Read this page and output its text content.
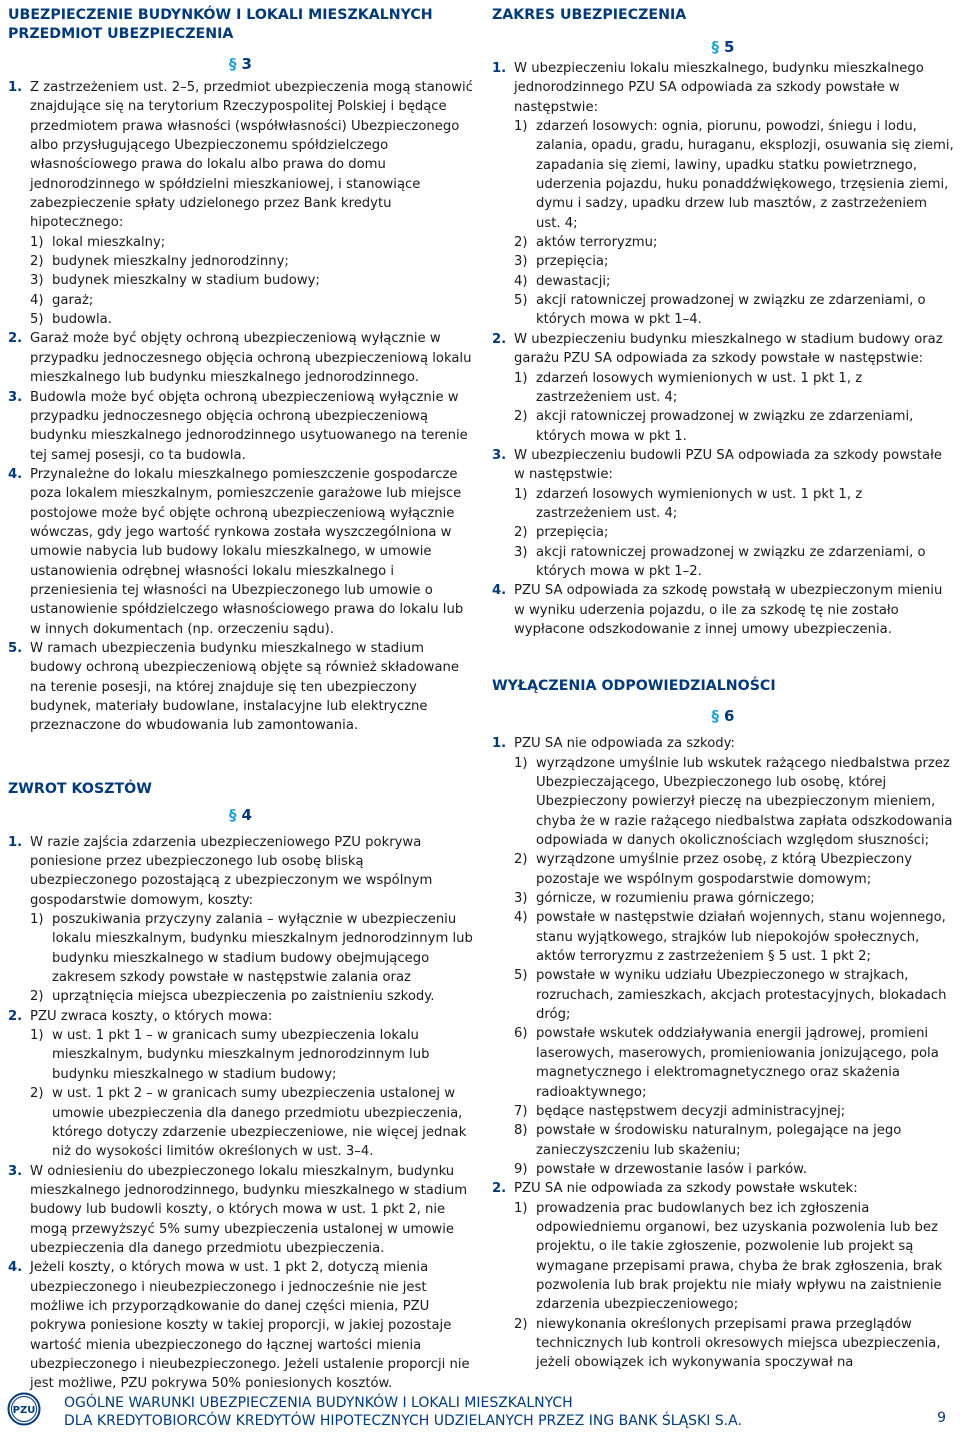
UBEZPIECZENIE BUDYNKÓW I LOKALI MIESZKALNYCH PRZEDMIOT UBEZPIECZENIA
§ 3
1. Z zastrzeżeniem ust. 2–5, przedmiot ubezpieczenia mogą stanowić znajdujące się na terytorium Rzeczypospolitej Polskiej i będące przedmiotem prawa własności (współwłasności) Ubezpieczonego albo przysługującego Ubezpieczonemu spółdzielczego własnościowego prawa do lokalu albo prawa do domu jednorodzinnego w spółdzielni mieszkaniowej, i stanowiące zabezpieczenie spłaty udzielonego przez Bank kredytu hipotecznego:
1) lokal mieszkalny;
2) budynek mieszkalny jednorodzinny;
3) budynek mieszkalny w stadium budowy;
4) garaż;
5) budowla.
2. Garaż może być objęty ochroną ubezpieczeniową wyłącznie w przypadku jednoczesnego objęcia ochroną ubezpieczeniową lokalu mieszkalnego lub budynku mieszkalnego jednorodzinnego.
3. Budowla może być objęta ochroną ubezpieczeniową wyłącznie w przypadku jednoczesnego objęcia ochroną ubezpieczeniową budynku mieszkalnego jednorodzinnego usytuowanego na terenie tej samej posesji, co ta budowla.
4. Przynależne do lokalu mieszkalnego pomieszczenie gospodarcze poza lokalem mieszkalnym, pomieszczenie garażowe lub miejsce postojowe może być objęte ochroną ubezpieczeniową wyłącznie wówczas, gdy jego wartość rynkowa została wyszczególniona w umowie nabycia lub budowy lokalu mieszkalnego, w umowie ustanowienia odrębnej własności lokalu mieszkalnego i przeniesienia tej własności na Ubezpieczonego lub umowie o ustanowienie spółdzielczego własnościowego prawa do lokalu lub w innych dokumentach (np. orzeczeniu sądu).
5. W ramach ubezpieczenia budynku mieszkalnego w stadium budowy ochroną ubezpieczeniową objęte są również składowane na terenie posesji, na której znajduje się ten ubezpieczony budynek, materiały budowlane, instalacyjne lub elektryczne przeznaczone do wbudowania lub zamontowania.
ZWROT KOSZTÓW
§ 4
1. W razie zajścia zdarzenia ubezpieczeniowego PZU pokrywa poniesione przez ubezpieczonego lub osobę bliską ubezpieczonego pozostającą z ubezpieczonym we wspólnym gospodarstwie domowym, koszty:
1) poszukiwania przyczyny zalania – wyłącznie w ubezpieczeniu lokalu mieszkalnym, budynku mieszkalnym jednorodzinnym lub budynku mieszkalnego w stadium budowy obejmującego zakresem szkody powstałe w następstwie zalania oraz
2) uprzątnięcia miejsca ubezpieczenia po zaistnieniu szkody.
2. PZU zwraca koszty, o których mowa:
1) w ust. 1 pkt 1 – w granicach sumy ubezpieczenia lokalu mieszkalnym, budynku mieszkalnym jednorodzinnym lub budynku mieszkalnego w stadium budowy;
2) w ust. 1 pkt 2 – w granicach sumy ubezpieczenia ustalonej w umowie ubezpieczenia dla danego przedmiotu ubezpieczenia, którego dotyczy zdarzenie ubezpieczeniowe, nie więcej jednak niż do wysokości limitów określonych w ust. 3–4.
3. W odniesieniu do ubezpieczonego lokalu mieszkalnym, budynku mieszkalnego jednorodzinnego, budynku mieszkalnego w stadium budowy lub budowli koszty, o których mowa w ust. 1 pkt 2, nie mogą przewyższyć 5% sumy ubezpieczenia ustalonej w umowie ubezpieczenia dla danego przedmiotu ubezpieczenia.
4. Jeżeli koszty, o których mowa w ust. 1 pkt 2, dotyczą mienia ubezpieczonego i nieubezpieczonego i jednocześnie nie jest możliwe ich przyporządkowanie do danej części mienia, PZU pokrywa poniesione koszty w takiej proporcji, w jakiej pozostaje wartość mienia ubezpieczonego do łącznej wartości mienia ubezpieczonego i nieubezpieczonego. Jeżeli ustalenie proporcji nie jest możliwe, PZU pokrywa 50% poniesionych kosztów.
ZAKRES UBEZPIECZENIA
§ 5
1. W ubezpieczeniu lokalu mieszkalnego, budynku mieszkalnego jednorodzinnego PZU SA odpowiada za szkody powstałe w następstwie:
1) zdarzeń losowych: ognia, piorunu, powodzi, śniegu i lodu, zalania, opadu, gradu, huraganu, eksplozji, osuwania się ziemi, zapadania się ziemi, lawiny, upadku statku powietrznego, uderzenia pojazdu, huku ponaddźwiękowego, trzęsienia ziemi, dymu i sadzy, upadku drzew lub masztów, z zastrzeżeniem ust. 4;
2) aktów terroryzmu;
3) przepięcia;
4) dewastacji;
5) akcji ratowniczej prowadzonej w związku ze zdarzeniami, o których mowa w pkt 1–4.
2. W ubezpieczeniu budynku mieszkalnego w stadium budowy oraz garażu PZU SA odpowiada za szkody powstałe w następstwie:
1) zdarzeń losowych wymienionych w ust. 1 pkt 1, z zastrzeżeniem ust. 4;
2) akcji ratowniczej prowadzonej w związku ze zdarzeniami, których mowa w pkt 1.
3. W ubezpieczeniu budowli PZU SA odpowiada za szkody powstałe w następstwie:
1) zdarzeń losowych wymienionych w ust. 1 pkt 1, z zastrzeżeniem ust. 4;
2) przepięcia;
3) akcji ratowniczej prowadzonej w związku ze zdarzeniami, o których mowa w pkt 1–2.
4. PZU SA odpowiada za szkodę powstałą w ubezpieczonym mieniu w wyniku uderzenia pojazdu, o ile za szkodę tę nie zostało wypłacone odszkodowanie z innej umowy ubezpieczenia.
WYŁĄCZENIA ODPOWIEDZIALNOŚCI
§ 6
1. PZU SA nie odpowiada za szkody:
1) wyrządzone umyślnie lub wskutek rażącego niedbalstwa przez Ubezpieczającego, Ubezpieczonego lub osobę, której Ubezpieczony powierzył pieczę na ubezpieczonym mieniem, chyba że w razie rażącego niedbalstwa zapłata odszkodowania odpowiada w danych okolicznościach względom słuszności;
2) wyrządzone umyślnie przez osobę, z którą Ubezpieczony pozostaje we wspólnym gospodarstwie domowym;
3) górnicze, w rozumieniu prawa górniczego;
4) powstałe w następstwie działań wojennych, stanu wojennego, stanu wyjątkowego, strajków lub niepokojów społecznych, aktów terroryzmu z zastrzeżeniem § 5 ust. 1 pkt 2;
5) powstałe w wyniku udziału Ubezpieczonego w strajkach, rozruchach, zamieszkach, akcjach protestacyjnych, blokadach dróg;
6) powstałe wskutek oddziaływania energii jądrowej, promieni laserowych, maserowych, promieniowania jonizującego, pola magnetycznego i elektromagnetycznego oraz skażenia radioaktywnego;
7) będące następstwem decyzji administracyjnej;
8) powstałe w środowisku naturalnym, polegające na jego zanieczyszczeniu lub skażeniu;
9) powstałe w drzewostanie lasów i parków.
2. PZU SA nie odpowiada za szkody powstałe wskutek:
1) prowadzenia prac budowlanych bez ich zgłoszenia odpowiedniemu organowi, bez uzyskania pozwolenia lub bez projektu, o ile takie zgłoszenie, pozwolenie lub projekt są wymagane przepisami prawa, chyba że brak zgłoszenia, brak pozwolenia lub brak projektu nie miały wpływu na zaistnienie zdarzenia ubezpieczeniowego;
2) niewykonania określonych przepisami prawa przeglądów technicznych lub kontroli okresowych miejsca ubezpieczenia, jeżeli obowiązek ich wykonywania spoczywał na
PZU OGÓLNE WARUNKI UBEZPIECZENIA BUDYNKÓW I LOKALI MIESZKALNYCH
DLA KREDYTOBIORCÓW KREDYTÓW HIPOTECZNYCH UDZIELANYCH PRZEZ ING BANK ŚLĄSKI S.A.	9
